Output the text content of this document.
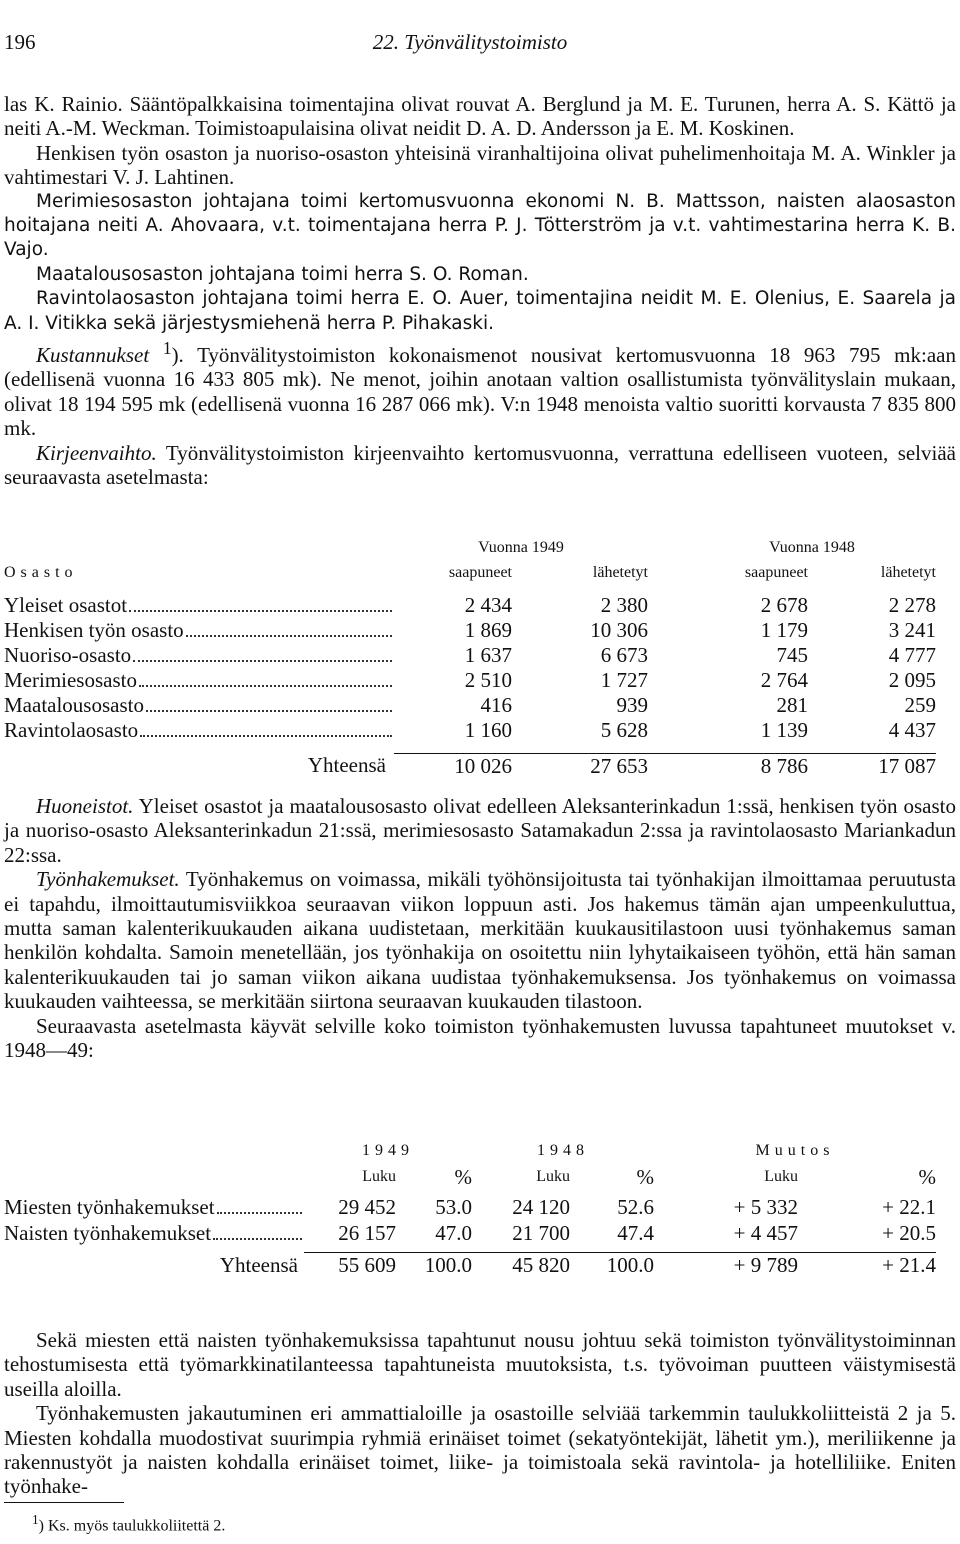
196	22. Työnvälitystoimisto

las K. Rainio. Sääntöpalkkaisina toimentajina olivat rouvat A. Berglund ja M. E. Turunen, herra A. S. Kättö ja neiti A.-M. Weckman. Toimistoapulaisina olivat neidit D. A. D. Andersson ja E. M. Koskinen.

Henkisen työn osaston ja nuoriso-osaston yhteisinä viranhaltijoina olivat puhelimenhoitaja M. A. Winkler ja vahtimestari V. J. Lahtinen.

Merimiesosaston johtajana toimi kertomusvuonna ekonomi N. B. Mattsson, naisten alaosaston hoitajana neiti A. Ahovaara, v.t. toimentajana herra P. J. Tötterström ja v.t. vahtimestarina herra K. B. Vajo.

Maatalousosaston johtajana toimi herra S. O. Roman.

Ravintolaosaston johtajana toimi herra E. O. Auer, toimentajina neidit M. E. Olenius, E. Saarela ja A. I. Vitikka sekä järjestysmiehenä herra P. Pihakaski.

Kustannukset $^1$). Työnvälitystoimiston kokonaismenot nousivat kertomusvuonna 18 963 795 mk:aan (edellisenä vuonna 16 433 805 mk). Ne menot, joihin anotaan valtion osallistumista työnvälityslain mukaan, olivat 18 194 595 mk (edellisenä vuonna 16 287 066 mk). V:n 1948 menoista valtio suoritti korvausta 7 835 800 mk.

Kirjeenvaihto. Työnvälitystoimiston kirjeenvaihto kertomusvuonna, verrattuna edelliseen vuoteen, selviää seuraavasta asetelmasta:

	Vuonna 1949		Vuonna 1948	
Osasto	saapuneet	lähetetyt	saapuneet	lähetetyt

Yleiset osastot	2 434	2 380	2 678	2 278

Henkisen työn osasto	1 869	10 306	1 179	3 241

Nuoriso-osasto	1 637	6 673	745	4 777

Merimiesosasto	2 510	1 727	2 764	2 095

Maatalousosasto	416	939	281	259

Ravintolaosasto	1 160	5 628	1 139	4 437

Yhteensä	10 026	27 653	8 786	17 087

Huoneistot. Yleiset osastot ja maatalousosasto olivat edelleen Aleksanterinkadun 1:ssä, henkisen työn osasto ja nuoriso-osasto Aleksanterinkadun 21:ssä, merimiesosasto Satamakadun 2:ssa ja ravintolaosasto Mariankadun 22:ssa.

Työnhakemukset. Työnhakemus on voimassa, mikäli työhönsijoitusta tai työnhakijan ilmoittamaa peruutusta ei tapahdu, ilmoittautumisviikkoa seuraavan viikon loppuun asti. Jos hakemus tämän ajan umpeenkuluttua, mutta saman kalenterikuukauden aikana uudistetaan, merkitään kuukausitilastoon uusi työnhakemus saman henkilön kohdalta. Samoin menetellään, jos työnhakija on osoitettu niin lyhytaikaiseen työhön, että hän saman kalenterikuukauden tai jo saman viikon aikana uudistaa työnhakemuksensa. Jos työnhakemus on voimassa kuukauden vaihteessa, se merkitään siirtona seuraavan kuukauden tilastoon.

Seuraavasta asetelmasta käyvät selville koko toimiston työnhakemusten luvussa tapahtuneet muutokset v. 1948—49:

	1949		1948		Muutos	
	Luku	%	Luku	%	Luku	%

Miesten työnhakemukset	29 452	53.0	24 120	52.6	+ 5 332	+ 22.1

Naisten työnhakemukset	26 157	47.0	21 700	47.4	+ 4 457	+ 20.5

Yhteensä	55 609	100.0	45 820	100.0	+ 9 789	+ 21.4

Sekä miesten että naisten työnhakemuksissa tapahtunut nousu johtuu sekä toimiston työnvälitystoiminnan tehostumisesta että työmarkkinatilanteessa tapahtuneista muutoksista, t.s. työvoiman puutteen väistymisestä useilla aloilla.

Työnhakemusten jakautuminen eri ammattialoille ja osastoille selviää tarkemmin taulukkoliitteistä 2 ja 5. Miesten kohdalla muodostivat suurimpia ryhmiä erinäiset toimet (sekatyöntekijät, lähetit ym.), meriliikenne ja rakennustyöt ja naisten kohdalla erinäiset toimet, liike- ja toimistoala sekä ravintola- ja hotelliliike. Eniten työnhake-

$^1$) Ks. myös taulukkoliitettä 2.
